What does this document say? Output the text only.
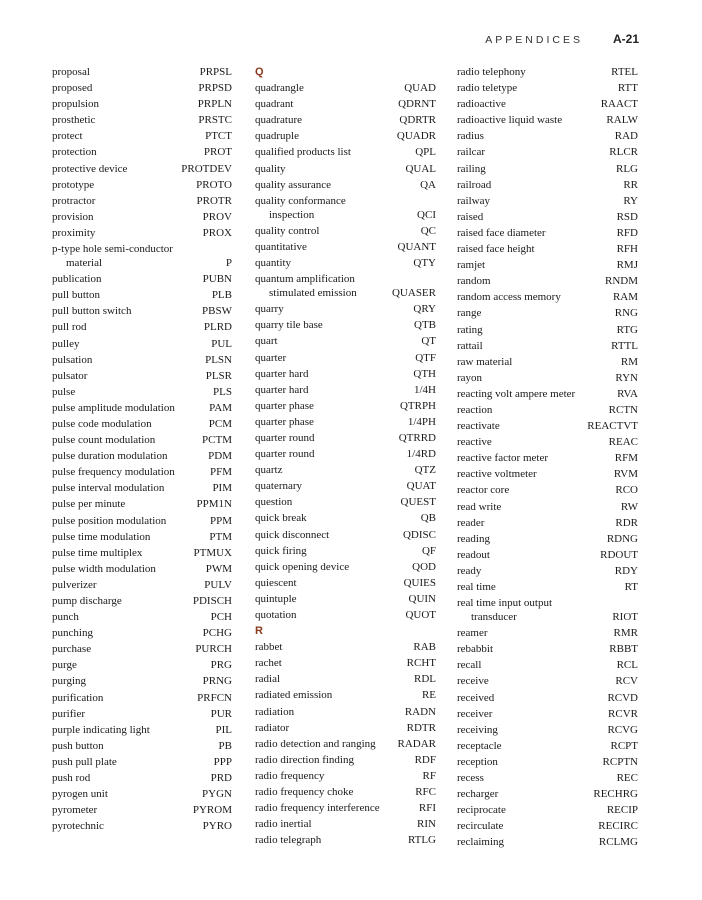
APPENDICES	A-21
proposal	PRPSL
proposed	PRPSD
propulsion	PRPLN
prosthetic	PRSTC
protect	PTCT
protection	PROT
protective device	PROTDEV
prototype	PROTO
protractor	PROTR
provision	PROV
proximity	PROX
p-type hole semi-conductor
material	P
publication	PUBN
pull button	PLB
pull button switch	PBSW
pull rod	PLRD
pulley	PUL
pulsation	PLSN
pulsator	PLSR
pulse	PLS
pulse amplitude modulation	PAM
pulse code modulation	PCM
pulse count modulation	PCTM
pulse duration modulation	PDM
pulse frequency modulation	PFM
pulse interval modulation	PIM
pulse per minute	PPM1N
pulse position modulation	PPM
pulse time modulation	PTM
pulse time multiplex	PTMUX
pulse width modulation	PWM
pulverizer	PULV
pump discharge	PDISCH
punch	PCH
punching	PCHG
purchase	PURCH
purge	PRG
purging	PRNG
purification	PRFCN
purifier	PUR
purple indicating light	PIL
push button	PB
push pull plate	PPP
push rod	PRD
pyrogen unit	PYGN
pyrometer	PYROM
pyrotechnic	PYRO
Q
quadrangle	QUAD
quadrant	QDRNT
quadrature	QDRTR
quadruple	QUADR
qualified products list	QPL
quality	QUAL
quality assurance	QA
quality conformance
inspection	QCI
quality control	QC
quantitative	QUANT
quantity	QTY
quantum amplification
stimulated emission	QUASER
quarry	QRY
quarry tile base	QTB
quart	QT
quarter	QTF
quarter hard	QTH
quarter hard	1/4H
quarter phase	QTRPH
quarter phase	1/4PH
quarter round	QTRRD
quarter round	1/4RD
quartz	QTZ
quaternary	QUAT
question	QUEST
quick break	QB
quick disconnect	QDISC
quick firing	QF
quick opening device	QOD
quiescent	QUIES
quintuple	QUIN
quotation	QUOT
R
rabbet	RAB
rachet	RCHT
radial	RDL
radiated emission	RE
radiation	RADN
radiator	RDTR
radio detection and ranging RADAR
radio direction finding	RDF
radio frequency	RF
radio frequency choke	RFC
radio frequency interference	RFI
radio inertial	RIN
radio telegraph	RTLG
radio telephony	RTEL
radio teletype	RTT
radioactive	RAACT
radioactive liquid waste	RALW
radius	RAD
railcar	RLCR
railing	RLG
railroad	RR
railway	RY
raised	RSD
raised face diameter	RFD
raised face height	RFH
ramjet	RMJ
random	RNDM
random access memory	RAM
range	RNG
rating	RTG
rattail	RTTL
raw material	RM
rayon	RYN
reacting volt ampere meter	RVA
reaction	RCTN
reactivate	REACTVT
reactive	REAC
reactive factor meter	RFM
reactive voltmeter	RVM
reactor core	RCO
read write	RW
reader	RDR
reading	RDNG
readout	RDOUT
ready	RDY
real time	RT
real time input output
transducer	RIOT
reamer	RMR
rebabbit	RBBT
recall	RCL
receive	RCV
received	RCVD
receiver	RCVR
receiving	RCVG
receptacle	RCPT
reception	RCPTN
recess	REC
recharger	RECHRG
reciprocate	RECIP
recirculate	RECIRC
reclaiming	RCLMG
